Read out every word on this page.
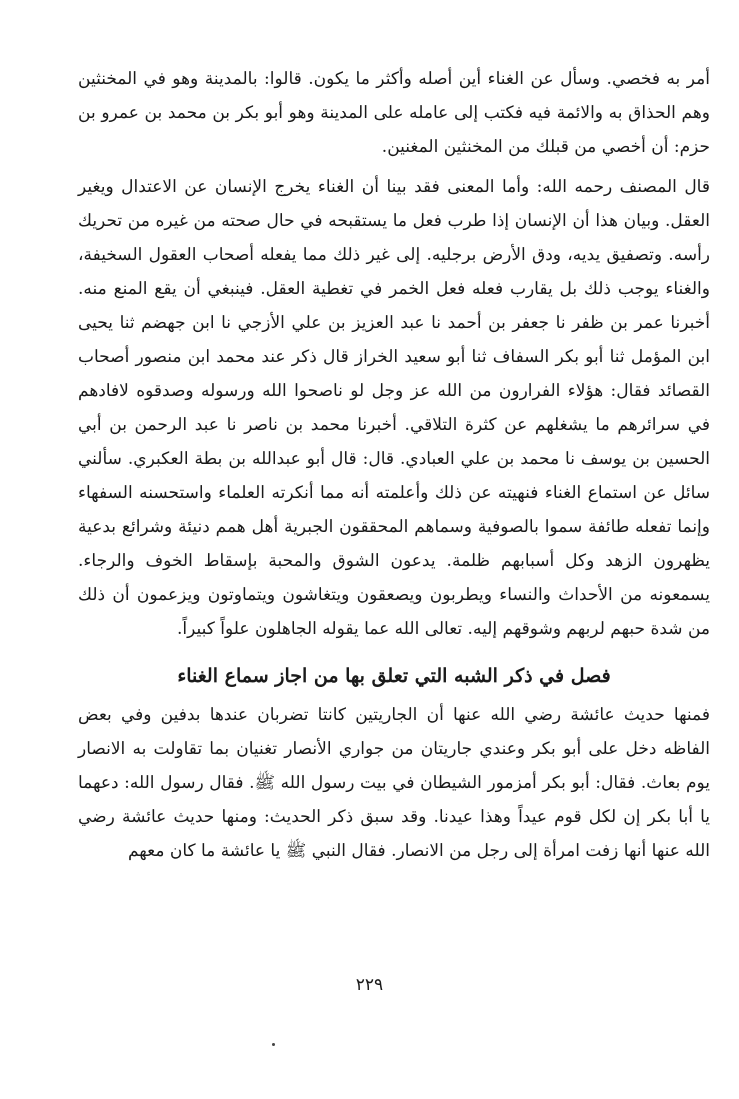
أمر به فخصي. وسأل عن الغناء أين أصله وأكثر ما يكون. قالوا: بالمدينة وهو في المخنثين وهم الحذاق به والائمة فيه فكتب إلى عامله على المدينة وهو أبو بكر بن محمد بن عمرو بن حزم: أن أخصي من قبلك من المخنثين المغنين.

قال المصنف رحمه الله: وأما المعنى فقد بينا أن الغناء يخرج الإنسان عن الاعتدال ويغير العقل. وبيان هذا أن الإنسان إذا طرب فعل ما يستقبحه في حال صحته من غيره من تحريك رأسه. وتصفيق يديه، ودق الأرض برجليه. إلى غير ذلك مما يفعله أصحاب العقول السخيفة، والغناء يوجب ذلك بل يقارب فعله فعل الخمر في تغطية العقل. فينبغي أن يقع المنع منه. أخبرنا عمر بن ظفر نا جعفر بن أحمد نا عبد العزيز بن علي الأزجي نا ابن جهضم ثنا يحيى ابن المؤمل ثنا أبو بكر السفاف ثنا أبو سعيد الخراز قال ذكر عند محمد ابن منصور أصحاب القصائد فقال: هؤلاء الفرارون من الله عز وجل لو ناصحوا الله ورسوله وصدقوه لافادهم في سرائرهم ما يشغلهم عن كثرة التلاقي. أخبرنا محمد بن ناصر نا عبد الرحمن بن أبي الحسين بن يوسف نا محمد بن علي العبادي. قال: قال أبو عبدالله بن بطة العكبري. سألني سائل عن استماع الغناء فنهيته عن ذلك وأعلمته أنه مما أنكرته العلماء واستحسنه السفهاء وإنما تفعله طائفة سموا بالصوفية وسماهم المحققون الجبرية أهل همم دنيئة وشرائع بدعية يظهرون الزهد وكل أسبابهم ظلمة. يدعون الشوق والمحبة بإسقاط الخوف والرجاء. يسمعونه من الأحداث والنساء ويطربون ويصعقون ويتغاشون ويتماوتون ويزعمون أن ذلك من شدة حبهم لربهم وشوقهم إليه. تعالى الله عما يقوله الجاهلون علواً كبيراً.

فصل في ذكر الشبه التي تعلق بها من اجاز سماع الغناء

فمنها حديث عائشة رضي الله عنها أن الجاريتين كانتا تضربان عندها بدفين وفي بعض الفاظه دخل على أبو بكر وعندي جاريتان من جواري الأنصار تغنيان بما تقاولت به الانصار يوم بعاث. فقال: أبو بكر أمزمور الشيطان في بيت رسول الله ﷺ. فقال رسول الله: دعهما يا أبا بكر إن لكل قوم عيداً وهذا عيدنا. وقد سبق ذكر الحديث: ومنها حديث عائشة رضي الله عنها أنها زفت امرأة إلى رجل من الانصار. فقال النبي ﷺ يا عائشة ما كان معهم

٢٢٩
